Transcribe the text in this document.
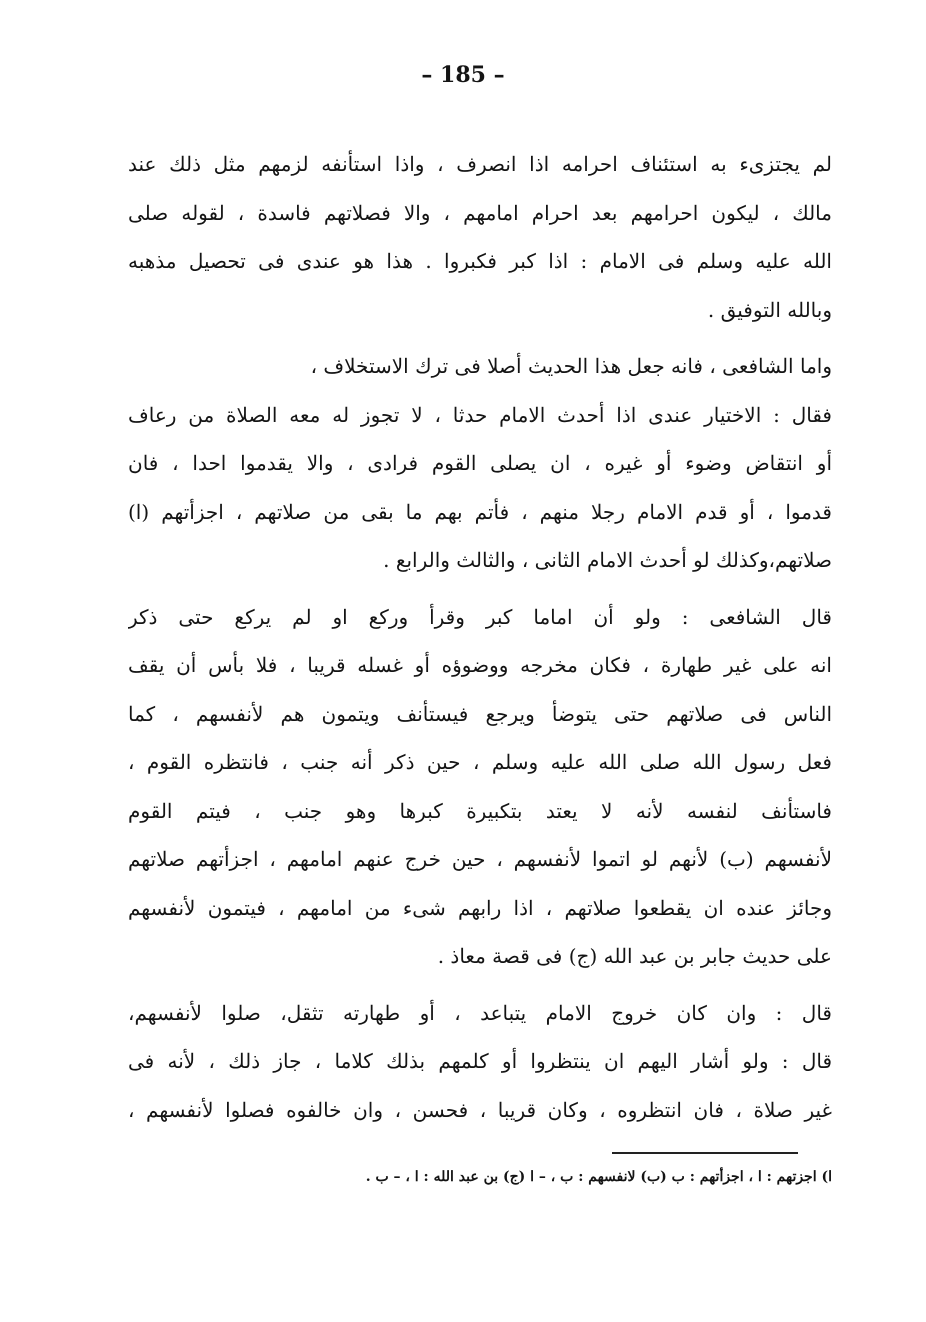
– 185 –
لم يجتزىء به استئناف احرامه اذا انصرف ، واذا استأنفه لزمهم مثل ذلك عند
مالك ، ليكون احرامهم بعد احرام امامهم ، والا فصلاتهم فاسدة ، لقوله صلى
الله عليه وسلم فى الامام : اذا كبر فكبروا . هذا هو عندى فى تحصيل مذهبه
وبالله التوفيق .
واما الشافعى ، فانه جعل هذا الحديث أصلا فى ترك الاستخلاف ،
فقال : الاختيار عندى اذا أحدث الامام حدثا ، لا تجوز له معه الصلاة من رعاف
أو انتقاض وضوء أو غيره ، ان يصلى القوم فرادى ، والا يقدموا احدا ، فان
قدموا ، أو قدم الامام رجلا منهم ، فأتم بهم ما بقى من صلاتهم ، اجزأتهم (ا)
صلاتهم،وكذلك لو أحدث الامام الثانى ، والثالث والرابع .
قال الشافعى : ولو أن اماما كبر وقرأ وركع او لم يركع حتى ذكر
انه على غير طهارة ، فكان مخرجه ووضوؤه أو غسله قريبا ، فلا بأس أن يقف
الناس فى صلاتهم حتى يتوضأ ويرجع فيستأنف ويتمون هم لأنفسهم ، كما
فعل رسول الله صلى الله عليه وسلم ، حين ذكر أنه جنب ، فانتظره القوم ،
فاستأنف لنفسه لأنه لا يعتد بتكبيرة كبرها وهو جنب ، فيتم القوم
لأنفسهم (ب) لأنهم لو اتموا لأنفسهم ، حين خرج عنهم امامهم ، اجزأتهم صلاتهم
وجائز عنده ان يقطعوا صلاتهم ، اذا رابهم شىء من امامهم ، فيتمون لأنفسهم
على حديث جابر بن عبد الله (ج) فى قصة معاذ .
قال : وان كان خروج الامام يتباعد ، أو طهارته تثقل، صلوا لأنفسهم،
قال : ولو أشار اليهم ان ينتظروا أو كلمهم بذلك كلاما ، جاز ذلك ، لأنه فى
غير صلاة ، فان انتظروه ، وكان قريبا ، فحسن ، وان خالفوه فصلوا لأنفسهم ،
ا) اجزتهم : ا ، اجزأتهم : ب (ب) لانفسهم : ب ، – ا (ج) بن عبد الله : ا ، – ب .
